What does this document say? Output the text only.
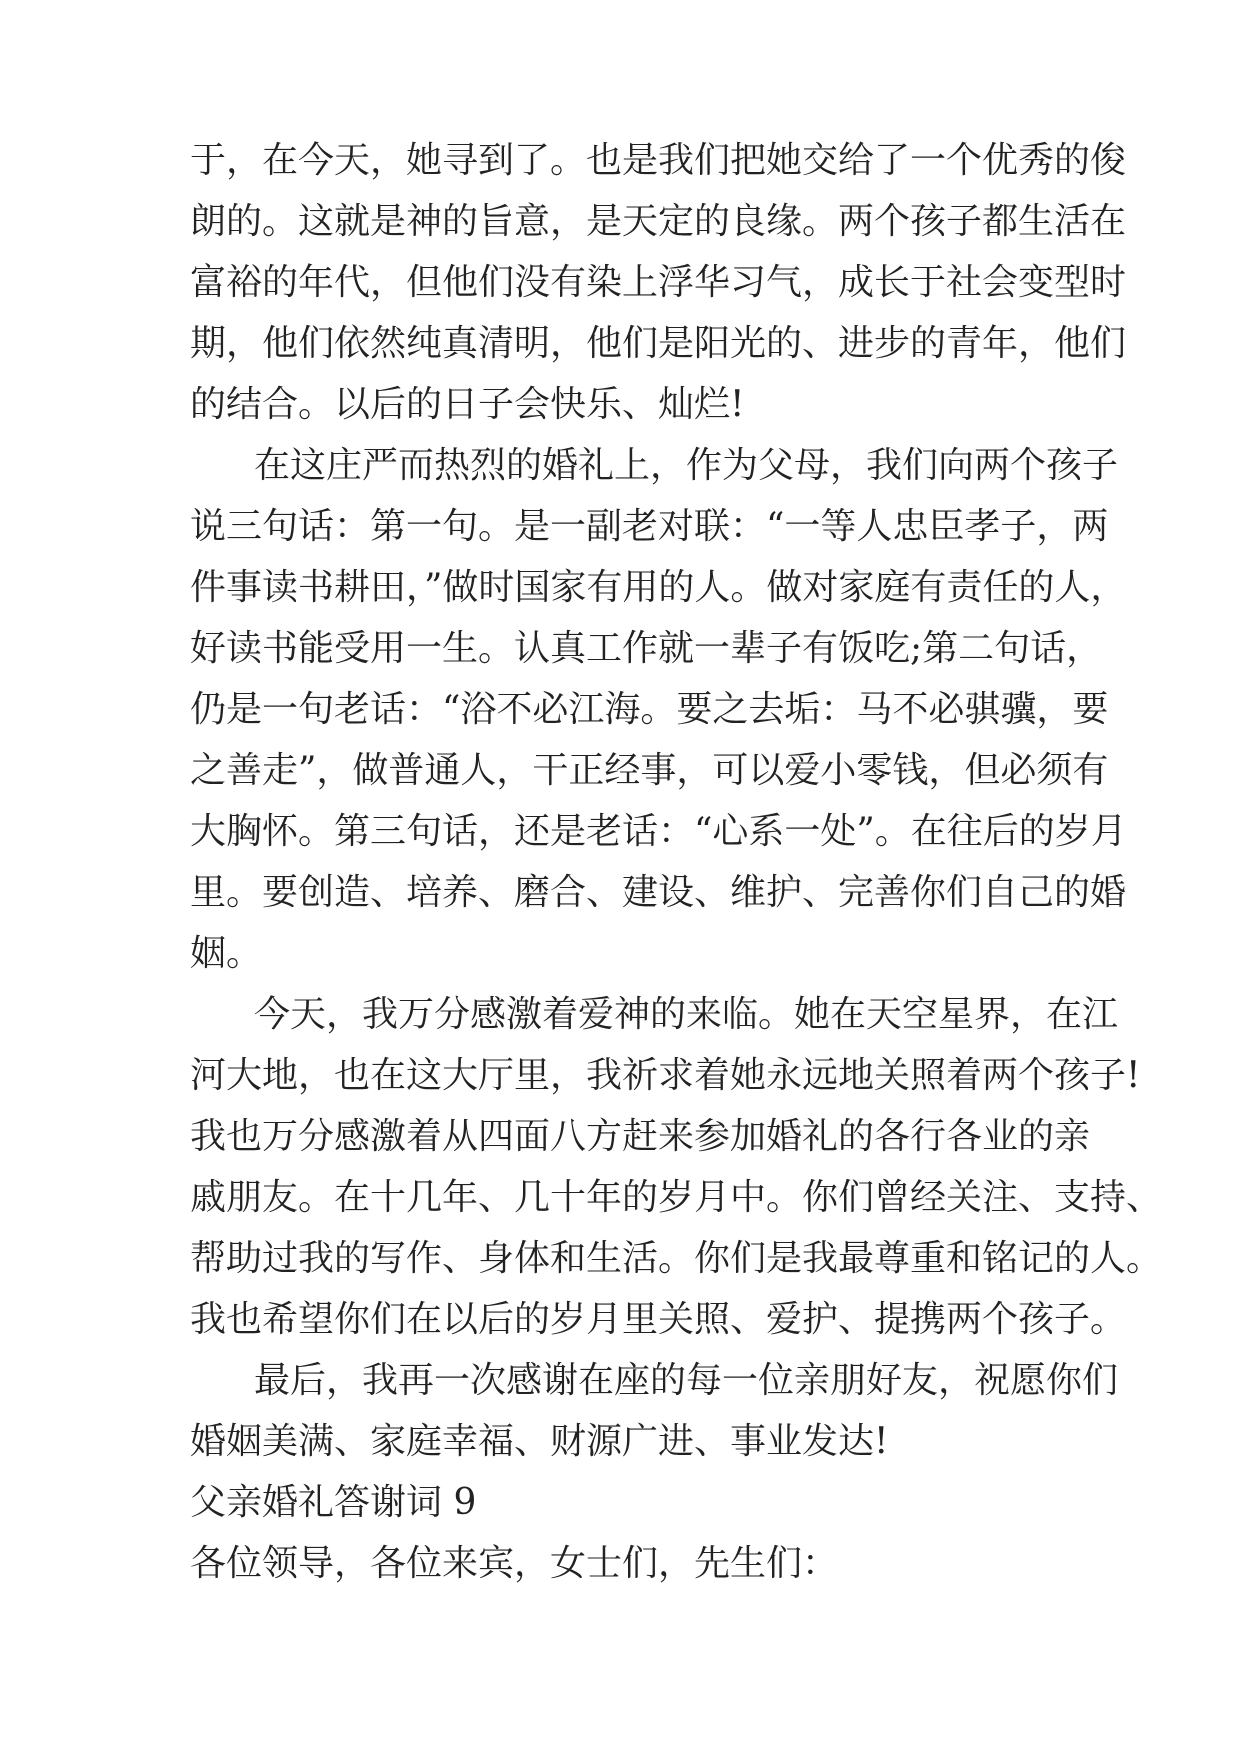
于，在今天，她寻到了。也是我们把她交给了一个优秀的俊
朗的。这就是神的旨意，是天定的良缘。两个孩子都生活在
富裕的年代，但他们没有染上浮华习气，成长于社会变型时
期，他们依然纯真清明，他们是阳光的、进步的青年，他们
的结合。以后的日子会快乐、灿烂!
在这庄严而热烈的婚礼上，作为父母，我们向两个孩子
说三句话：第一句。是一副老对联：“一等人忠臣孝子，两
件事读书耕田，”做时国家有用的人。做对家庭有责任的人，
好读书能受用一生。认真工作就一辈子有饭吃;第二句话，
仍是一句老话：“浴不必江海。要之去垢：马不必骐骥，要
之善走”，做普通人，干正经事，可以爱小零钱，但必须有
大胸怀。第三句话，还是老话：“心系一处”。在往后的岁月
里。要创造、培养、磨合、建设、维护、完善你们自己的婚
姻。
今天，我万分感激着爱神的来临。她在天空星界，在江
河大地，也在这大厅里，我祈求着她永远地关照着两个孩子!
我也万分感激着从四面八方赶来参加婚礼的各行各业的亲
戚朋友。在十几年、几十年的岁月中。你们曾经关注、支持、
帮助过我的写作、身体和生活。你们是我最尊重和铭记的人。
我也希望你们在以后的岁月里关照、爱护、提携两个孩子。
最后，我再一次感谢在座的每一位亲朋好友，祝愿你们
婚姻美满、家庭幸福、财源广进、事业发达!
父亲婚礼答谢词 9
各位领导，各位来宾，女士们，先生们：
